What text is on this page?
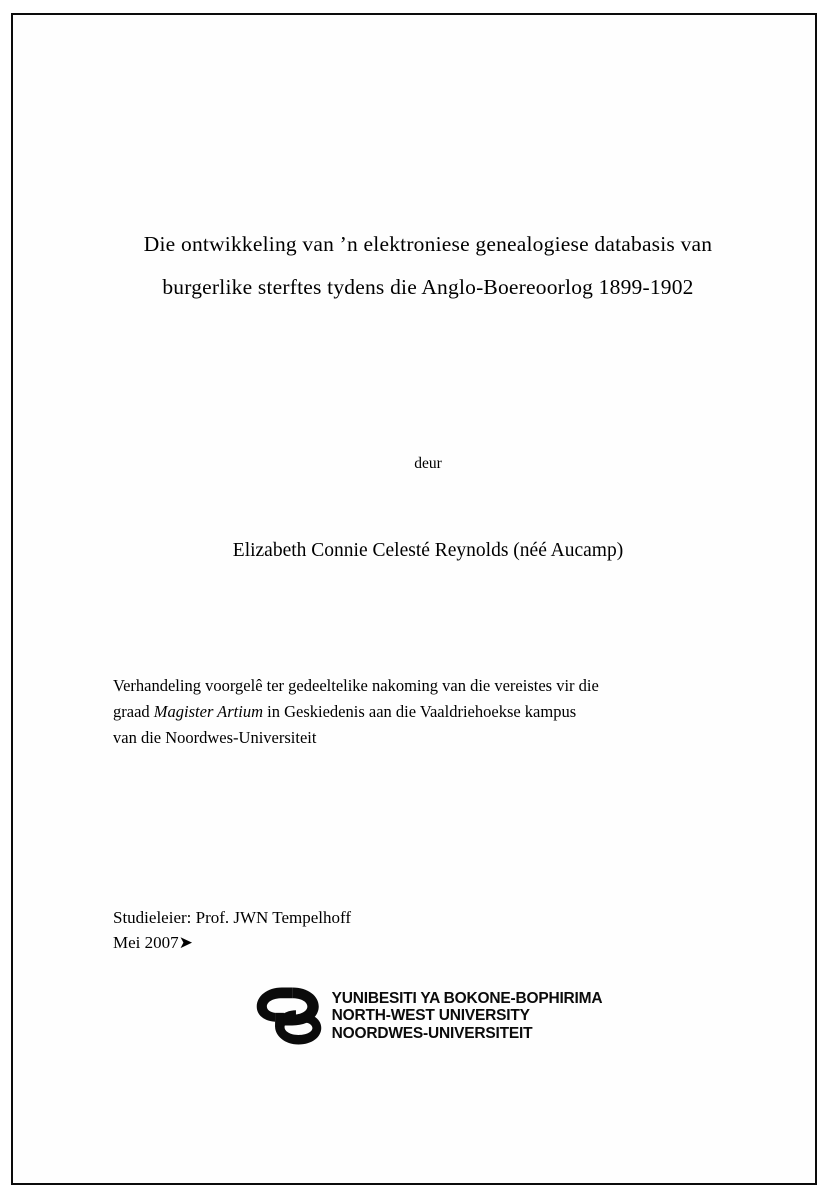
Die ontwikkeling van ’n elektroniese genealogiese databasis van
burgerlike sterftes tydens die Anglo-Boereoorlog 1899-1902
deur
Elizabeth Connie Celesté Reynolds (néé Aucamp)
Verhandeling voorgelê ter gedeeltelike nakoming van die vereistes vir die
graad Magister Artium in Geskiedenis aan die Vaaldriehoekse kampus
van die Noordwes-Universiteit
Studieleier: Prof. JWN Tempelhoff
Mei 2007➤
YUNIBESITI YA BOKONE-BOPHIRIMA
NORTH-WEST UNIVERSITY
NOORDWES-UNIVERSITEIT
